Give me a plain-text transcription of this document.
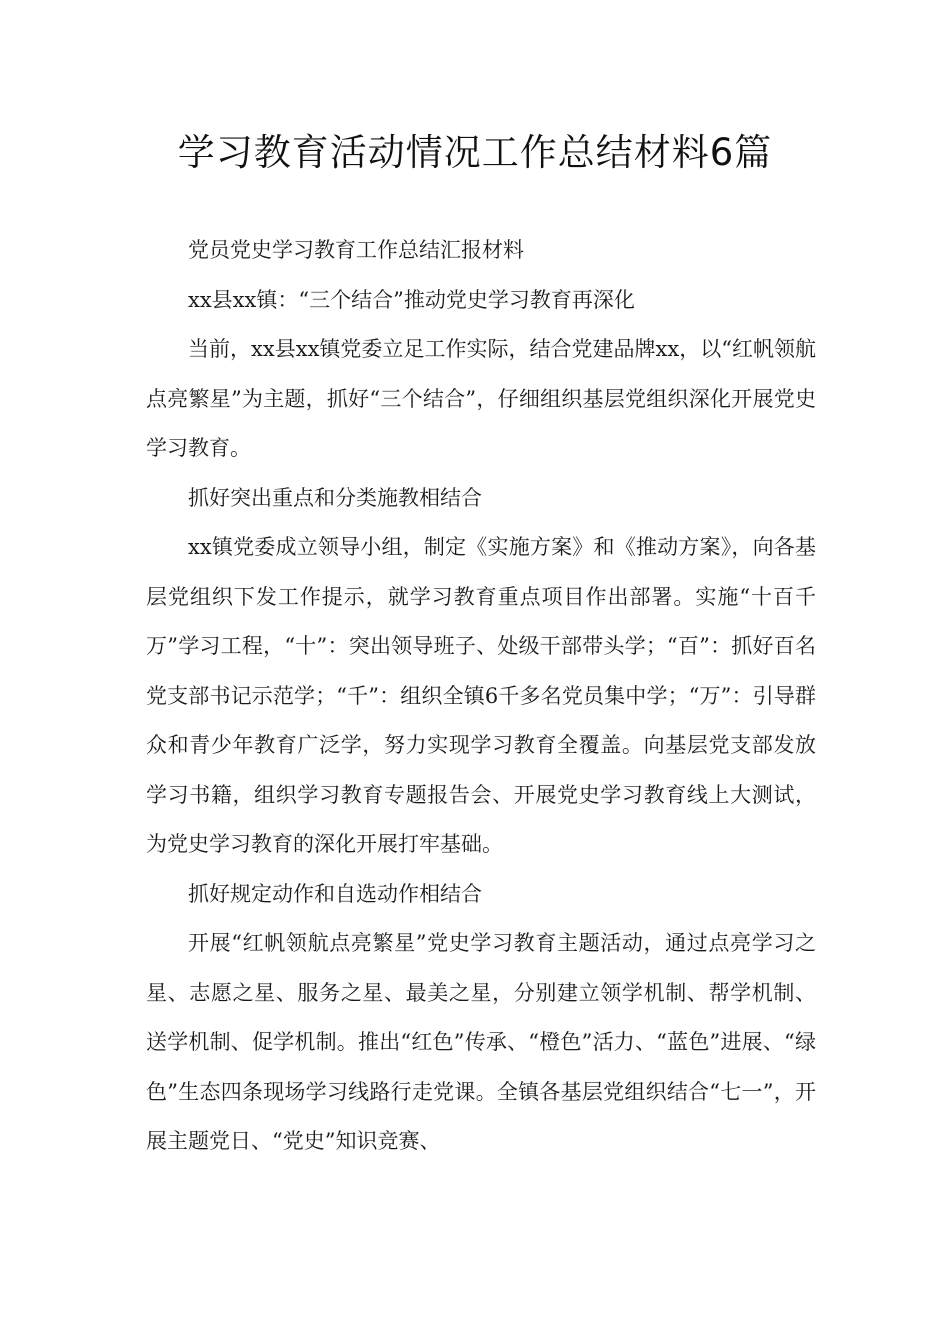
学习教育活动情况工作总结材料6篇

党员党史学习教育工作总结汇报材料

xx县xx镇：“三个结合”推动党史学习教育再深化

当前，xx县xx镇党委立足工作实际，结合党建品牌xx，以“红帆领航点亮繁星”为主题，抓好“三个结合”，仔细组织基层党组织深化开展党史学习教育。

抓好突出重点和分类施教相结合

xx镇党委成立领导小组，制定《实施方案》和《推动方案》，向各基层党组织下发工作提示，就学习教育重点项目作出部署。实施“十百千万”学习工程，“十”：突出领导班子、处级干部带头学；“百”：抓好百名党支部书记示范学；“千”：组织全镇6千多名党员集中学；“万”：引导群众和青少年教育广泛学，努力实现学习教育全覆盖。向基层党支部发放学习书籍，组织学习教育专题报告会、开展党史学习教育线上大测试，为党史学习教育的深化开展打牢基础。

抓好规定动作和自选动作相结合

开展“红帆领航点亮繁星”党史学习教育主题活动，通过点亮学习之星、志愿之星、服务之星、最美之星，分别建立领学机制、帮学机制、送学机制、促学机制。推出“红色”传承、“橙色”活力、“蓝色”进展、“绿色”生态四条现场学习线路行走党课。全镇各基层党组织结合“七一”，开展主题党日、“党史”知识竞赛、
